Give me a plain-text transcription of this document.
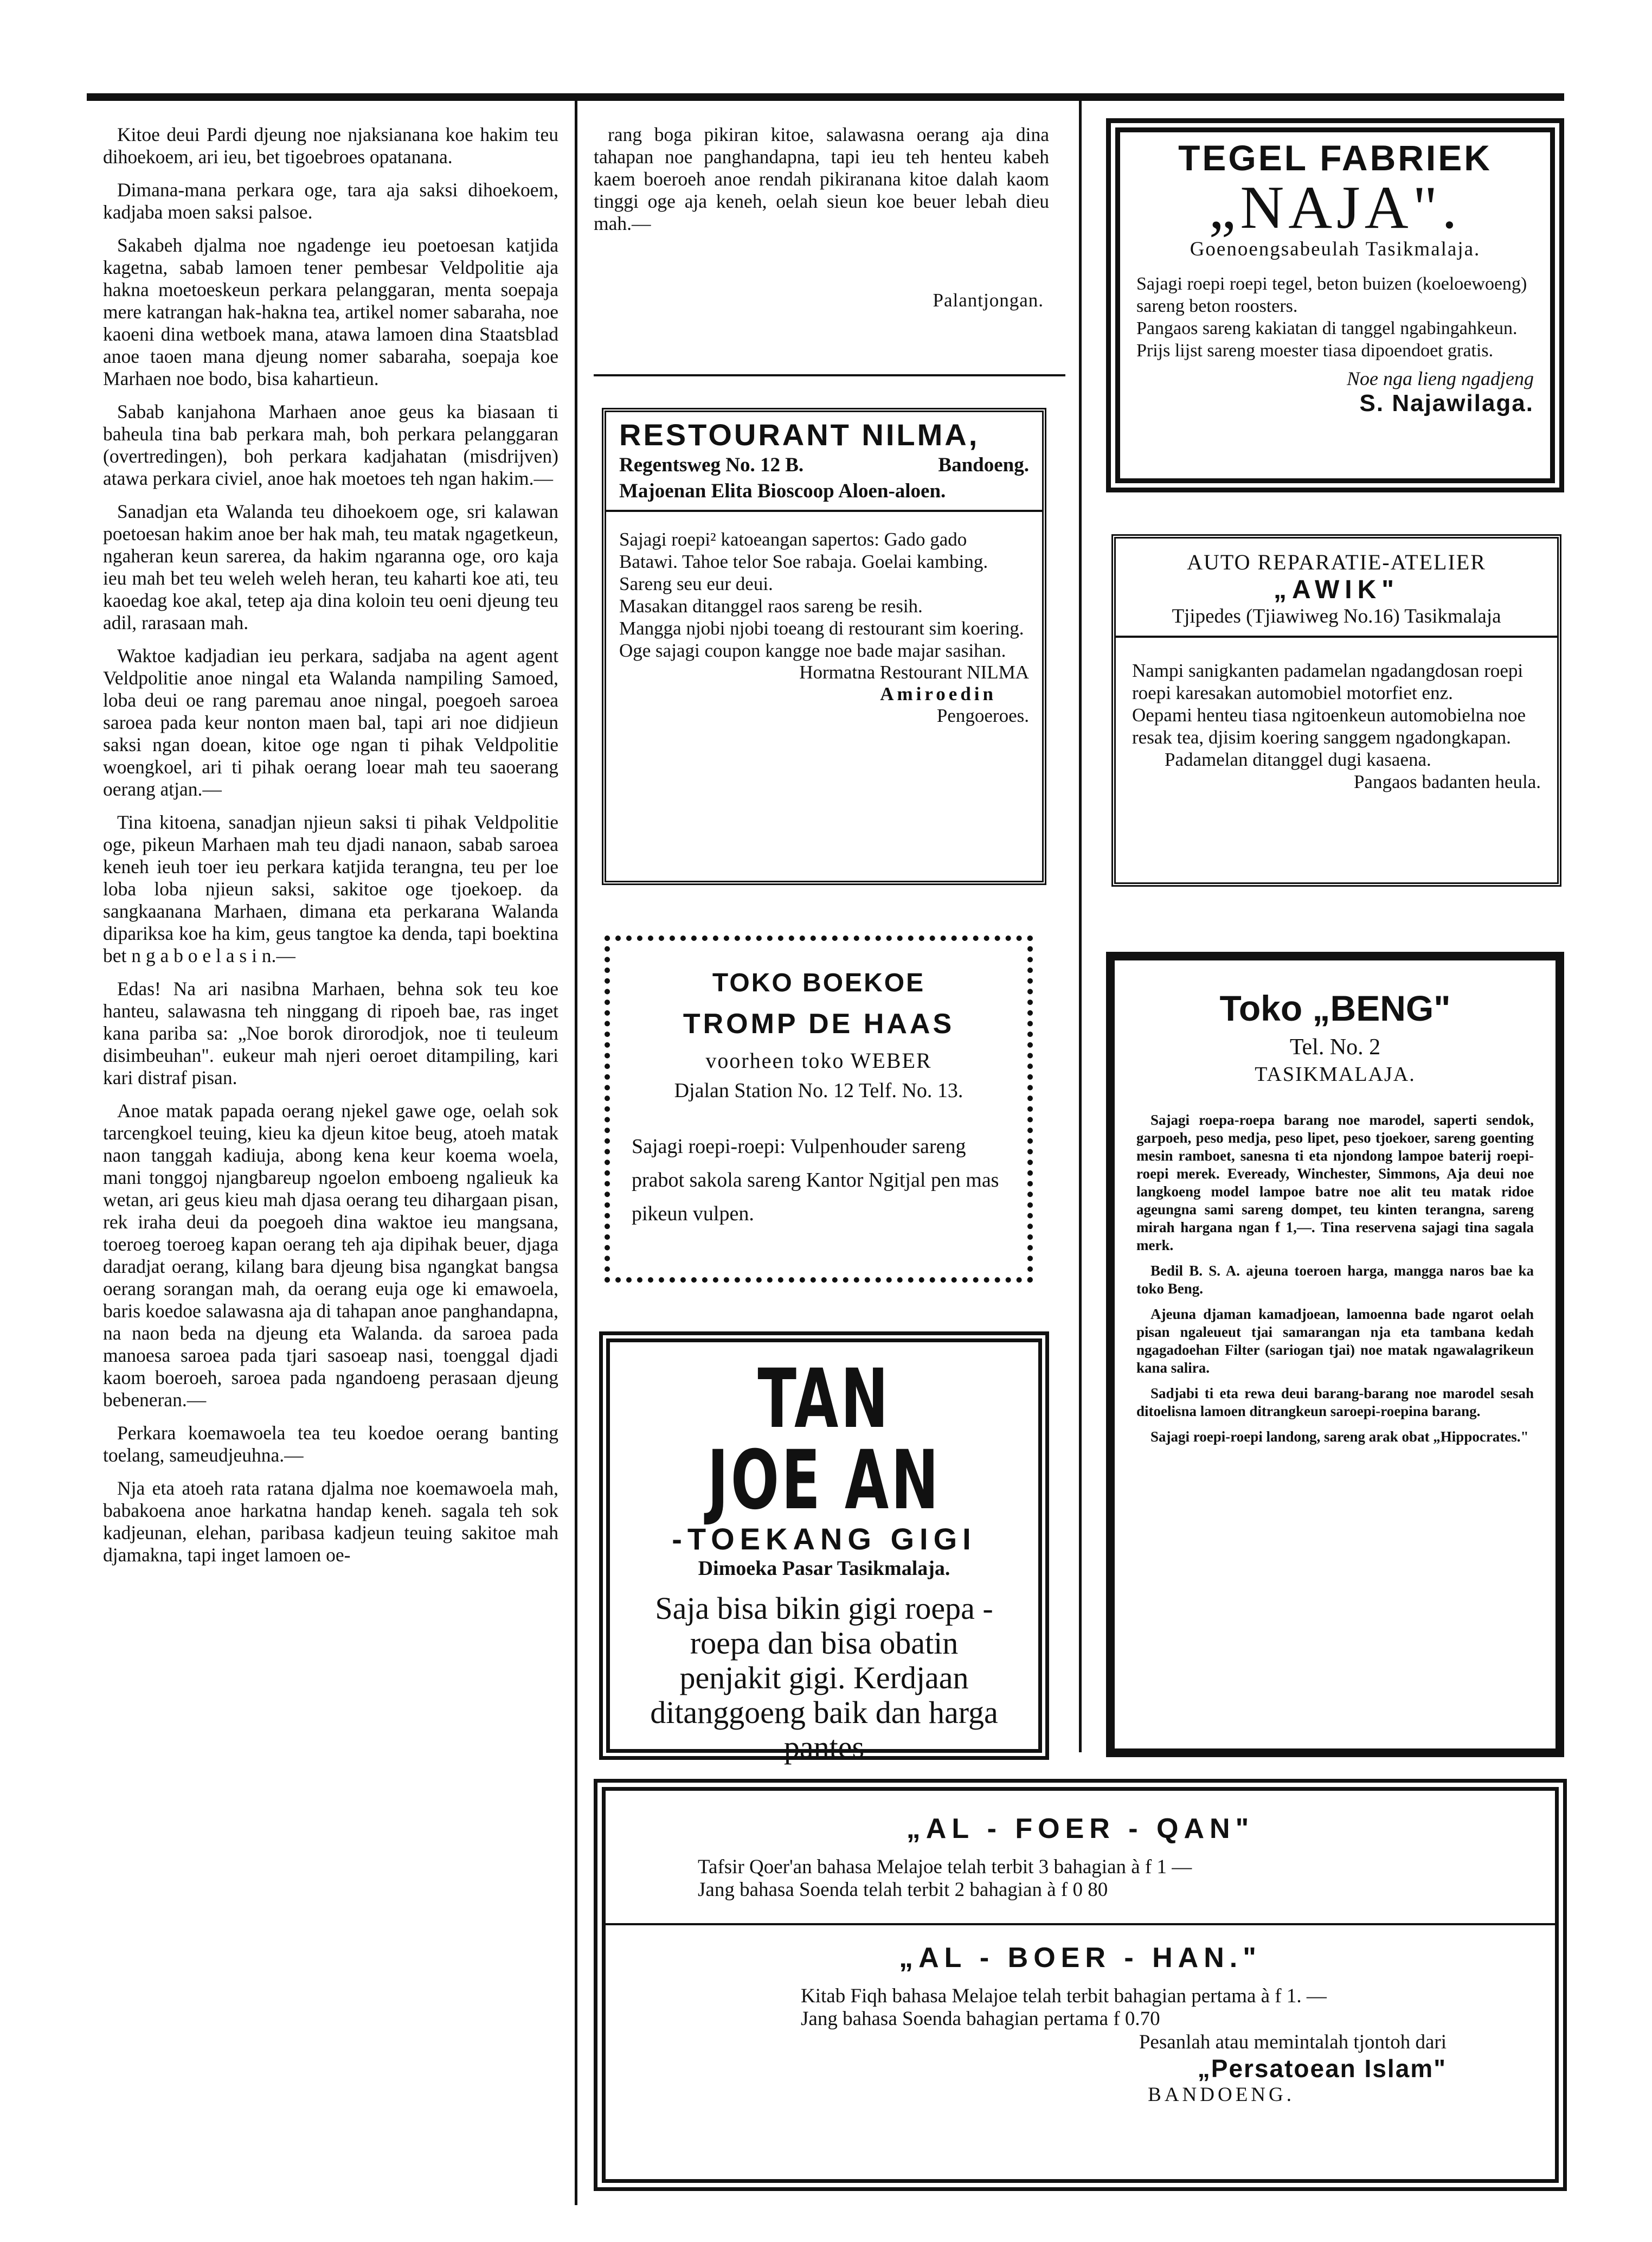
Kitoe deui Pardi djeung noe njaksianana koe hakim teu dihoekoem, ari ieu, bet tigoebroes opatanana.

Dimana-mana perkara oge, tara aja saksi dihoekoem, kadjaba moen saksi palsoe.

Sakabeh djalma noe ngadenge ieu poetoesan katjida kagetna, sabab lamoen tener pembesar Veldpolitie aja hakna moetoeskeun perkara pelanggaran, menta soepaja mere katrangan hak-hakna tea, artikel nomer sabaraha, noe kaoeni dina wetboek mana, atawa lamoen dina Staatsblad anoe taoen mana djeung nomer sabaraha, soepaja koe Marhaen noe bodo, bisa kahartieun.

Sabab kanjahona Marhaen anoe geus ka biasaan ti baheula tina bab perkara mah, boh perkara pelanggaran (overtredingen), boh perkara kadjahatan (misdrijven) atawa perkara civiel, anoe hak moetoes teh ngan hakim.—

Sanadjan eta Walanda teu dihoekoem oge, sri kalawan poetoesan hakim anoe ber hak mah, teu matak ngagetkeun, ngaheran keun sarerea, da hakim ngaranna oge, oro kaja ieu mah bet teu weleh weleh heran, teu kaharti koe ati, teu kaoedag koe akal, tetep aja dina koloin teu oeni djeung teu adil, rarasaan mah.

Waktoe kadjadian ieu perkara, sadjaba na agent agent Veldpolitie anoe ningal eta Walanda nampiling Samoed, loba deui oe rang paremau anoe ningal, poegoeh saroea saroea pada keur nonton maen bal, tapi ari noe didjieun saksi ngan doean, kitoe oge ngan ti pihak Veldpolitie woengkoel, ari ti pihak oerang loear mah teu saoerang oerang atjan.—

Tina kitoena, sanadjan njieun saksi ti pihak Veldpolitie oge, pikeun Marhaen mah teu djadi nanaon, sabab saroea keneh ieuh toer ieu perkara katjida terangna, teu per loe loba loba njieun saksi, sakitoe oge tjoekoep. da sangkaanana Marhaen, dimana eta perkarana Walanda dipariksa koe ha kim, geus tangtoe ka denda, tapi boektina bet n g a b o e l a s i n.—

Edas! Na ari nasibna Marhaen, behna sok teu koe hanteu, salawasna teh ninggang di ripoeh bae, ras inget kana pariba sa: „Noe borok dirorodjok, noe ti teuleum disimbeuhan". eukeur mah njeri oeroet ditampiling, kari kari distraf pisan.

Anoe matak papada oerang njekel gawe oge, oelah sok tarcengkoel teuing, kieu ka djeun kitoe beug, atoeh matak naon tanggah kadiuja, abong kena keur koema woela, mani tonggoj njangbareup ngoelon emboeng ngalieuk ka wetan, ari geus kieu mah djasa oerang teu dihargaan pisan, rek iraha deui da poegoeh dina waktoe ieu mangsana, toeroeg toeroeg kapan oerang teh aja dipihak beuer, djaga daradjat oerang, kilang bara djeung bisa ngangkat bangsa oerang sorangan mah, da oerang euja oge ki emawoela, baris koedoe salawasna aja di tahapan anoe panghandapna, na naon beda na djeung eta Walanda. da saroea pada manoesa saroea pada tjari sasoeap nasi, toenggal djadi kaom boeroeh, saroea pada ngandoeng perasaan djeung bebeneran.—

Perkara koemawoela tea teu koedoe oerang banting toelang, sameudjeuhna.—

Nja eta atoeh rata ratana djalma noe koemawoela mah, babakoena anoe harkatna handap keneh. sagala teh sok kadjeunan, elehan, paribasa kadjeun teuing sakitoe mah djamakna, tapi inget lamoen oe-

rang boga pikiran kitoe, salawasna oerang aja dina tahapan noe panghandapna, tapi ieu teh henteu kabeh kaem boeroeh anoe rendah pikiranana kitoe dalah kaom tinggi oge aja keneh, oelah sieun koe beuer lebah dieu mah.—

Palantjongan.
TEGEL FABRIEK
„NAJA".
Goenoengsabeulah Tasikmalaja.

Sajagi roepi roepi tegel, beton buizen (koeloewoeng) sareng beton roosters.

Pangaos sareng kakiatan di tanggel ngabingahkeun. Prijs lijst sareng moester tiasa dipoendoet gratis.

Noe nga lieng ngadjeng
S. Najawilaga.
RESTOURANT NILMA,
Regentsweg No. 12 B.	Bandoeng.
Majoenan Elita Bioscoop Aloen-aloen.

Sajagi roepi² katoeangan sapertos: Gado gado Batawi. Tahoe telor Soe rabaja. Goelai kambing. Sareng seu eur deui.

Masakan ditanggel raos sareng be resih.

Mangga njobi njobi toeang di restourant sim koering.

Oge sajagi coupon kangge noe bade majar sasihan.

Hormatna Restourant NILMA
Amiroedin
Pengoeroes.
AUTO REPARATIE-ATELIER
„AWIK"
Tjipedes (Tjiawiweg No.16) Tasikmalaja

Nampi sanigkanten padamelan ngadangdosan roepi roepi karesakan automobiel motorfiet enz.

Oepami henteu tiasa ngitoenkeun automobielna noe resak tea, djisim koering sanggem ngadongkapan.

Padamelan ditanggel dugi kasaena.

Pangaos badanten heula.

TOKO BOEKOE
TROMP DE HAAS
voorheen toko WEBER
Djalan Station No. 12 Telf. No. 13.
Sajagi roepi-roepi: Vulpenhouder sareng prabot sakola sareng Kantor Ngitjal pen mas pikeun vulpen.
Toko „BENG"
Tel. No. 2
TASIKMALAJA.

Sajagi roepa-roepa barang noe marodel, saperti sendok, garpoeh, peso medja, peso lipet, peso tjoekoer, sareng goenting mesin ramboet, sanesna ti eta njondong lampoe baterij roepi-roepi merek. Eveready, Winchester, Simmons, Aja deui noe langkoeng model lampoe batre noe alit teu matak ridoe ageungna sami sareng dompet, teu kinten terangna, sareng mirah hargana ngan f 1,—. Tina reservena sajagi tina sagala merk.

Bedil B. S. A. ajeuna toeroen harga, mangga naros bae ka toko Beng.

Ajeuna djaman kamadjoean, lamoenna bade ngarot oelah pisan ngaleueut tjai samarangan nja eta tambana kedah ngagadoehan Filter (sariogan tjai) noe matak ngawalagrikeun kana salira.

Sadjabi ti eta rewa deui barang-barang noe marodel sesah ditoelisna lamoen ditrangkeun saroepi-roepina barang.

Sajagi roepi-roepi landong, sareng arak obat „Hippocrates."

TAN JOE AN
-TOEKANG GIGI
Dimoeka Pasar Tasikmalaja.
Saja bisa bikin gigi roepa - roepa dan bisa obatin penjakit gigi. Kerdjaan ditanggoeng baik dan harga pantes
„AL - FOER - QAN"

Tafsir Qoer'an bahasa Melajoe telah terbit 3 bahagian à f 1 —

Jang bahasa Soenda telah terbit 2 bahagian à f 0 80

„AL - BOER - HAN."

Kitab Fiqh bahasa Melajoe telah terbit bahagian pertama à f 1. —

Jang bahasa Soenda bahagian pertama f 0.70

Pesanlah atau memintalah tjontoh dari
„Persatoean Islam"
BANDOENG.
